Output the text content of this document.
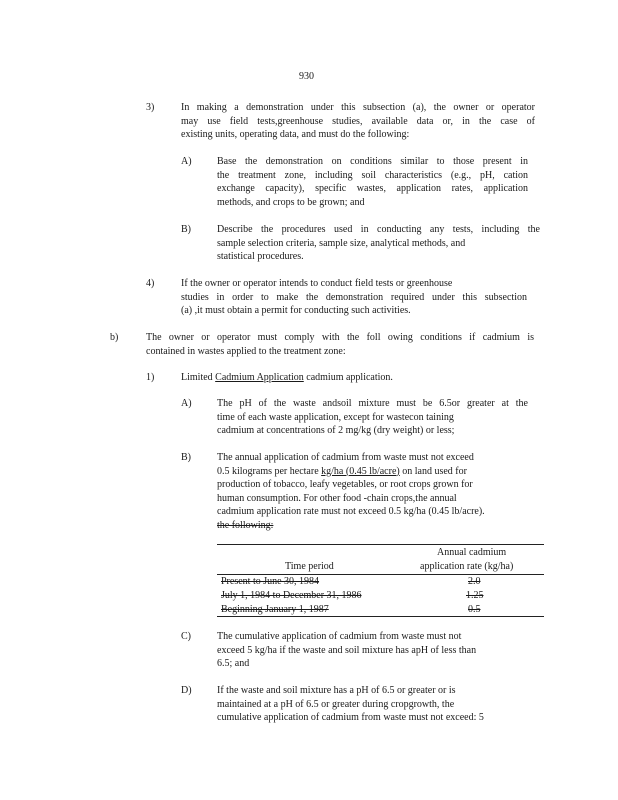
930
3)	In making a demonstration under this subsection (a), the owner or operator
may use field tests,greenhouse studies, available data or, in the case of
existing units, operating data, and must do the following:
A)	Base the demonstration on conditions similar to those present in
the treatment zone, including soil characteristics (e.g., pH, cation
exchange capacity), specific wastes, application rates, application
methods, and crops to be grown; and
B)	Describe the procedures used in conducting any tests, including the
sample selection criteria, sample size, analytical methods, and
statistical procedures.
4)	If the owner or operator intends to conduct field tests or greenhouse
studies in order to make the demonstration required under this subsection
(a) ,it must obtain a permit for conducting such activities.
b)	The owner or operator must comply with the foll owing conditions if cadmium is
contained in wastes applied to the treatment zone:
1)	Limited Cadmium Application cadmium application.
A)	The pH of the waste andsoil mixture must be 6.5or greater at the
time of each waste application, except for wastecon taining
cadmium at concentrations of 2 mg/kg (dry weight) or less;
B)	The annual application of cadmium from waste must not exceed
0.5 kilograms per hectare kg/ha (0.45 lb/acre) on land used for
production of tobacco, leafy vegetables, or root crops grown for
human consumption. For other food -chain crops,the annual
cadmium application rate must not exceed 0.5 kg/ha (0.45 lb/acre).
the following:
Annual cadmium
Time period	application rate (kg/ha)
Present to June 30, 1984	2.0
July 1, 1984 to December 31, 1986	1.25
Beginning January 1, 1987	0.5
C)	The cumulative application of cadmium from waste must not
exceed 5 kg/ha if the waste and soil mixture has apH of less than
6.5; and
D)	If the waste and soil mixture has a pH of 6.5 or greater or is
maintained at a pH of 6.5 or greater during cropgrowth, the
cumulative application of cadmium from waste must not exceed: 5
